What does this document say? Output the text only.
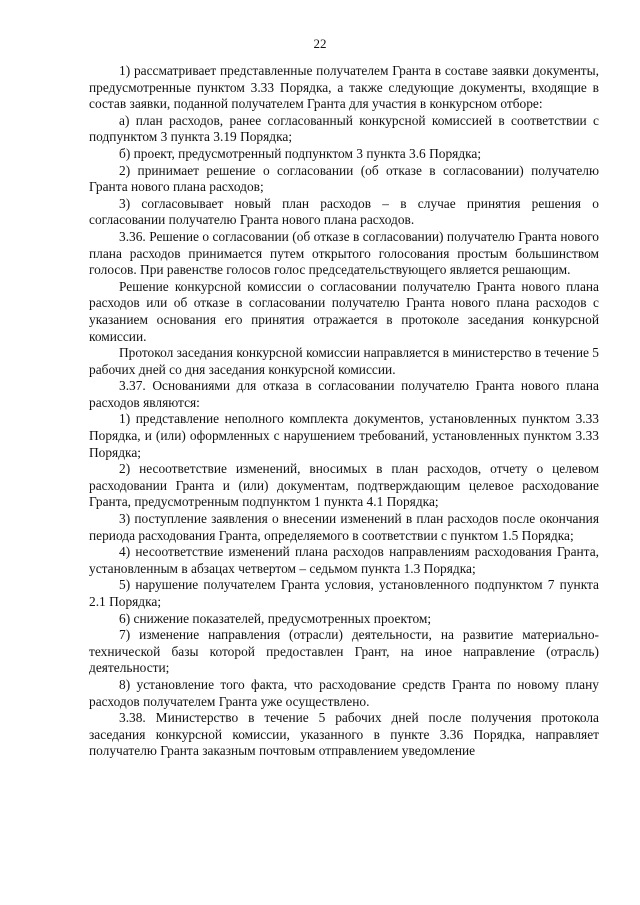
22

1) рассматривает представленные получателем Гранта в составе заявки документы, предусмотренные пунктом 3.33 Порядка, а также следующие документы, входящие в состав заявки, поданной получателем Гранта для участия в конкурсном отборе:

а) план расходов, ранее согласованный конкурсной комиссией в соответствии с подпунктом 3 пункта 3.19 Порядка;

б) проект, предусмотренный подпунктом 3 пункта 3.6 Порядка;

2) принимает решение о согласовании (об отказе в согласовании) получателю Гранта нового плана расходов;

3) согласовывает новый план расходов – в случае принятия решения о согласовании получателю Гранта нового плана расходов.

3.36. Решение о согласовании (об отказе в согласовании) получателю Гранта нового плана расходов принимается путем открытого голосования простым большинством голосов. При равенстве голосов голос председательствующего является решающим.

Решение конкурсной комиссии о согласовании получателю Гранта нового плана расходов или об отказе в согласовании получателю Гранта нового плана расходов с указанием основания его принятия отражается в протоколе заседания конкурсной комиссии.

Протокол заседания конкурсной комиссии направляется в министерство в течение 5 рабочих дней со дня заседания конкурсной комиссии.

3.37. Основаниями для отказа в согласовании получателю Гранта нового плана расходов являются:

1) представление неполного комплекта документов, установленных пунктом 3.33 Порядка, и (или) оформленных с нарушением требований, установленных пунктом 3.33 Порядка;

2) несоответствие изменений, вносимых в план расходов, отчету о целевом расходовании Гранта и (или) документам, подтверждающим целевое расходование Гранта, предусмотренным подпунктом 1 пункта 4.1 Порядка;

3) поступление заявления о внесении изменений в план расходов после окончания периода расходования Гранта, определяемого в соответствии с пунктом 1.5 Порядка;

4) несоответствие изменений плана расходов направлениям расходования Гранта, установленным в абзацах четвертом – седьмом пункта 1.3 Порядка;

5) нарушение получателем Гранта условия, установленного подпунктом 7 пункта 2.1 Порядка;

6) снижение показателей, предусмотренных проектом;

7) изменение направления (отрасли) деятельности, на развитие материально-технической базы которой предоставлен Грант, на иное направление (отрасль) деятельности;

8) установление того факта, что расходование средств Гранта по новому плану расходов получателем Гранта уже осуществлено.

3.38. Министерство в течение 5 рабочих дней после получения протокола заседания конкурсной комиссии, указанного в пункте 3.36 Порядка, направляет получателю Гранта заказным почтовым отправлением уведомление
